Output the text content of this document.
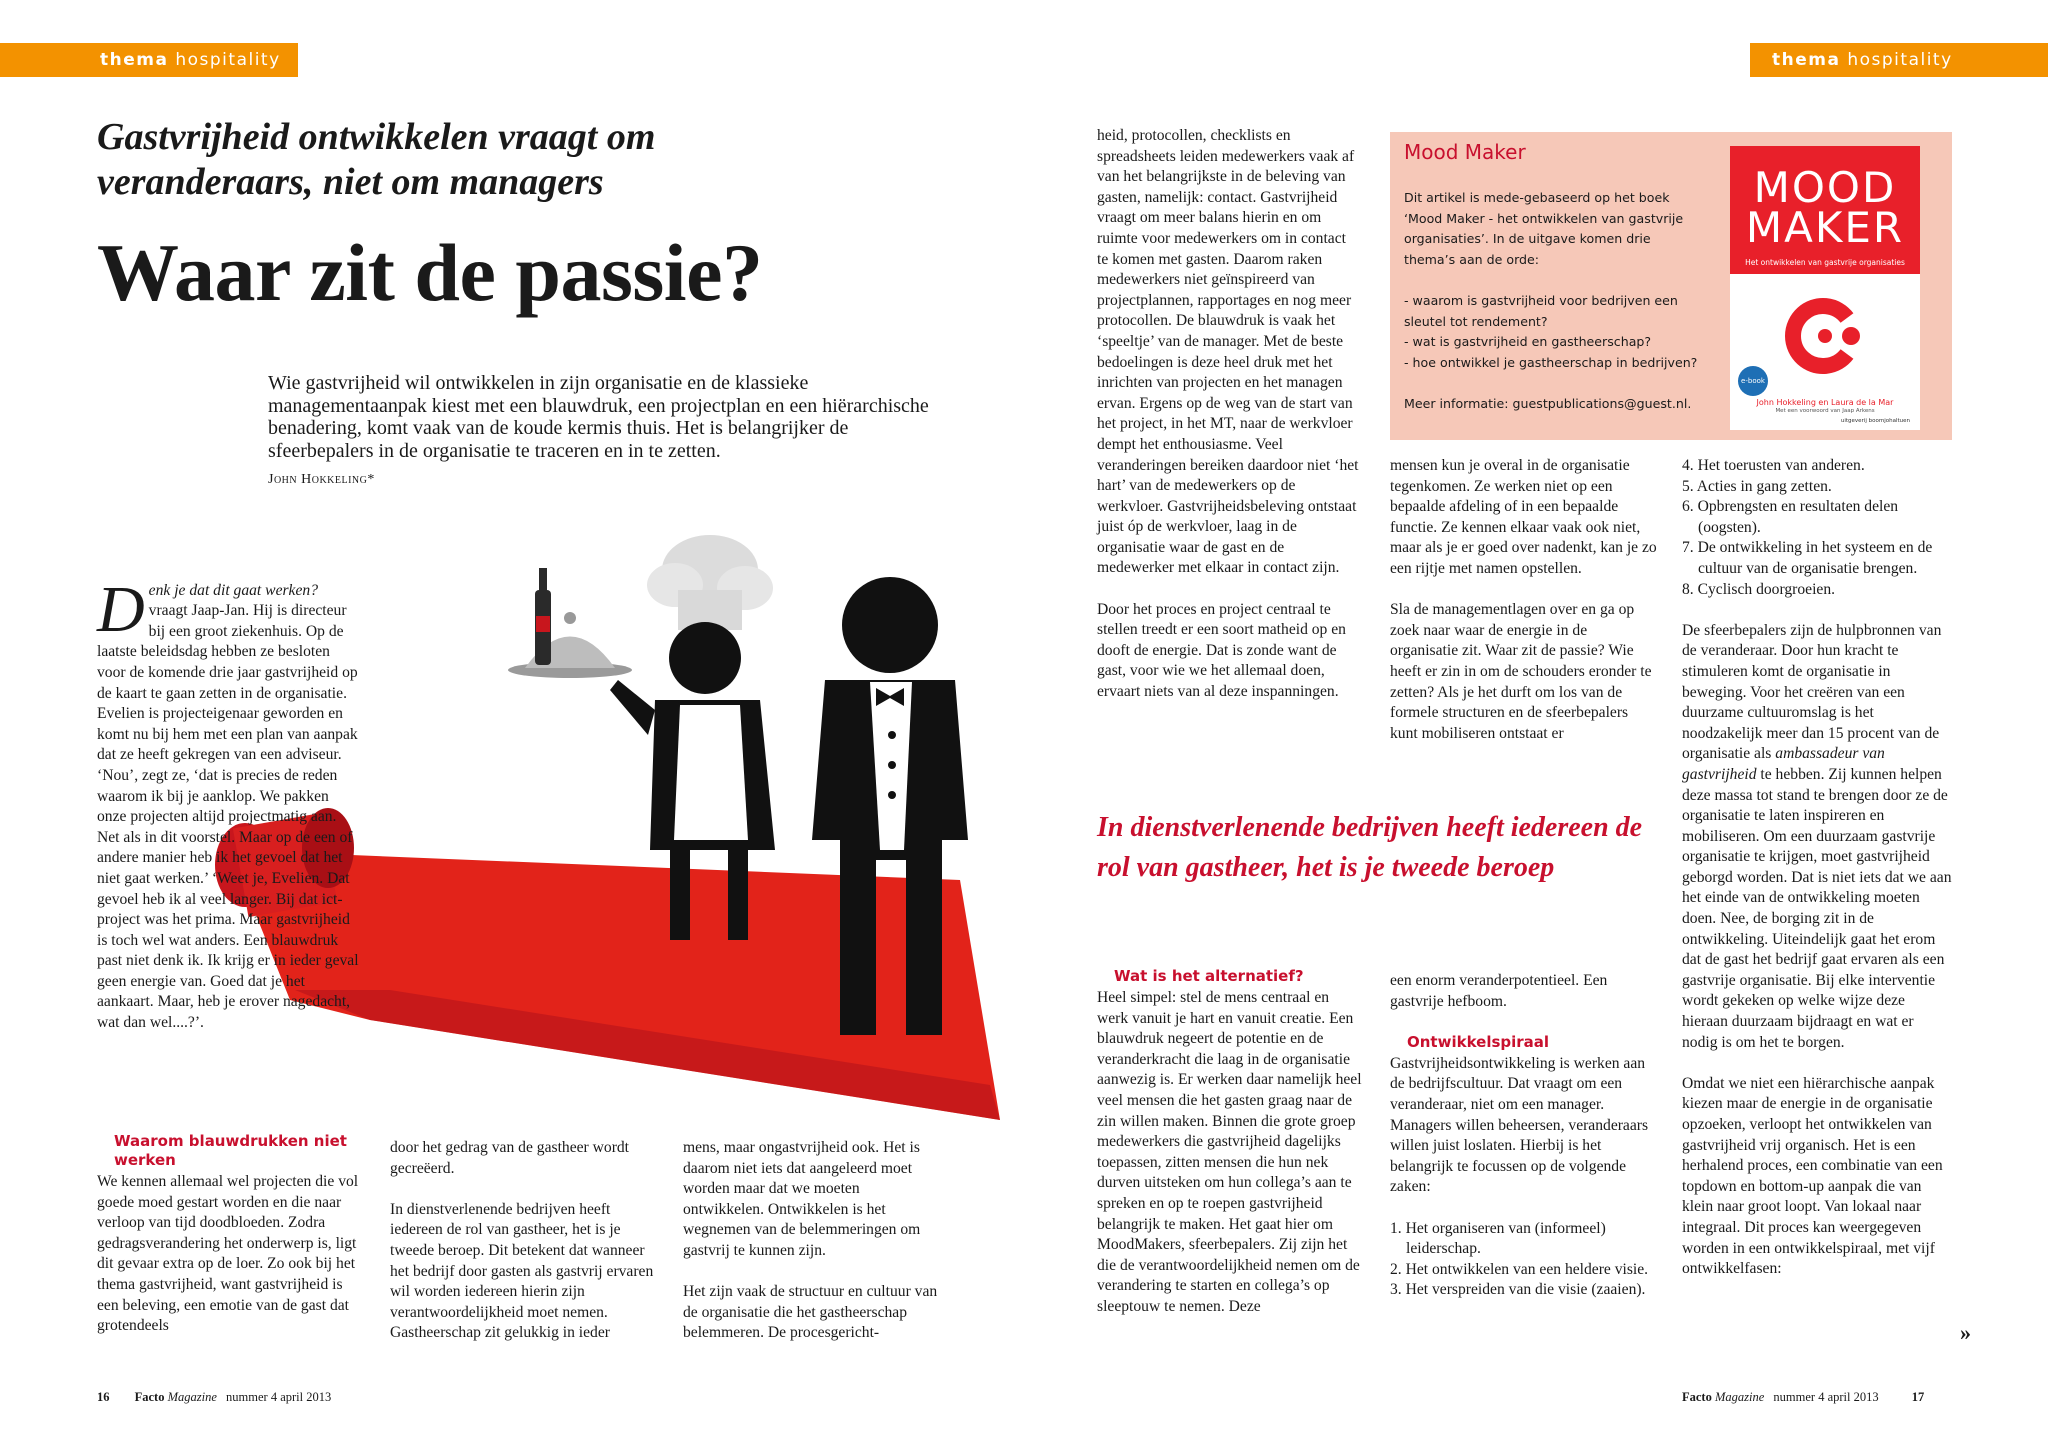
thema hospitality	thema hospitality
Gastvrijheid ontwikkelen vraagt om veranderaars, niet om managers
Waar zit de passie?
Wie gastvrijheid wil ontwikkelen in zijn organisatie en de klassieke managementaanpak kiest met een blauwdruk, een projectplan en een hiërarchische benadering, komt vaak van de koude kermis thuis. Het is belangrijker de sfeerbepalers in de organisatie te traceren en in te zetten.
John Hokkeling*

Denk je dat dit gaat werken?
vraagt Jaap-Jan. Hij is directeur bij een groot ziekenhuis. Op de laatste beleidsdag hebben ze besloten voor de komende drie jaar gastvrijheid op de kaart te gaan zetten in de organisatie. Evelien is projecteigenaar geworden en komt nu bij hem met een plan van aanpak dat ze heeft gekregen van een adviseur. ‘Nou’, zegt ze, ‘dat is precies de reden waarom ik bij je aanklop. We pakken onze projecten altijd projectmatig aan. Net als in dit voorstel. Maar op de een of andere manier heb ik het gevoel dat het niet gaat werken.’ ‘Weet je, Evelien. Dat gevoel heb ik al veel langer. Bij dat ict-project was het prima. Maar gastvrijheid is toch wel wat anders. Een blauwdruk past niet denk ik. Ik krijg er in ieder geval geen energie van. Goed dat je het aankaart. Maar, heb je erover nagedacht, wat dan wel....?’.

Waarom blauwdrukken niet werken

We kennen allemaal wel projecten die vol goede moed gestart worden en die naar verloop van tijd doodbloeden. Zodra gedragsverandering het onderwerp is, ligt dit gevaar extra op de loer. Zo ook bij het thema gastvrijheid, want gastvrijheid is een beleving, een emotie van de gast dat grotendeels

door het gedrag van de gastheer wordt gecreëerd.

In dienstverlenende bedrijven heeft iedereen de rol van gastheer, het is je tweede beroep. Dit betekent dat wanneer het bedrijf door gasten als gastvrij ervaren wil worden iedereen hierin zijn verantwoordelijkheid moet nemen. Gastheerschap zit gelukkig in ieder

mens, maar ongastvrijheid ook. Het is daarom niet iets dat aangeleerd moet worden maar dat we moeten ontwikkelen. Ontwikkelen is het wegnemen van de belemmeringen om gastvrij te kunnen zijn.

Het zijn vaak de structuur en cultuur van de organisatie die het gastheerschap belemmeren. De procesgericht-

heid, protocollen, checklists en spreadsheets leiden medewerkers vaak af van het belangrijkste in de beleving van gasten, namelijk: contact. Gastvrijheid vraagt om meer balans hierin en om ruimte voor medewerkers om in contact te komen met gasten. Daarom raken medewerkers niet geïnspireerd van projectplannen, rapportages en nog meer protocollen. De blauwdruk is vaak het ‘speeltje’ van de manager. Met de beste bedoelingen is deze heel druk met het inrichten van projecten en het managen ervan. Ergens op de weg van de start van het project, in het MT, naar de werkvloer dempt het enthousiasme. Veel veranderingen bereiken daardoor niet ‘het hart’ van de medewerkers op de werkvloer. Gastvrijheidsbeleving ontstaat juist óp de werkvloer, laag in de organisatie waar de gast en de medewerker met elkaar in contact zijn.

Door het proces en project centraal te stellen treedt er een soort matheid op en dooft de energie. Dat is zonde want de gast, voor wie we het allemaal doen, ervaart niets van al deze inspanningen.

Mood Maker
Dit artikel is mede-gebaseerd op het boek ‘Mood Maker - het ontwikkelen van gastvrije organisaties’. In de uitgave komen drie thema’s aan de orde:

- waarom is gastvrijheid voor bedrijven een sleutel tot rendement?
- wat is gastvrijheid en gastheerschap?
- hoe ontwikkel je gastheerschap in bedrijven?

Meer informatie: guestpublications@guest.nl.
MOOD
MAKER
Het ontwikkelen van gastvrije organisaties
e-book
John Hokkeling en Laura de la Mar
Met een voorwoord van Jaap Arkens
uitgeverij boomjohaltuen

mensen kun je overal in de organisatie tegenkomen. Ze werken niet op een bepaalde afdeling of in een bepaalde functie. Ze kennen elkaar vaak ook niet, maar als je er goed over nadenkt, kan je zo een rijtje met namen opstellen.

Sla de managementlagen over en ga op zoek naar waar de energie in de organisatie zit. Waar zit de passie? Wie heeft er zin in om de schouders eronder te zetten? Als je het durft om los van de formele structuren en de sfeerbepalers kunt mobiliseren ontstaat er

In dienstverlenende bedrijven heeft iedereen de rol van gastheer, het is je tweede beroep
Wat is het alternatief?

Heel simpel: stel de mens centraal en werk vanuit je hart en vanuit creatie. Een blauwdruk negeert de potentie en de veranderkracht die laag in de organisatie aanwezig is. Er werken daar namelijk heel veel mensen die het gasten graag naar de zin willen maken. Binnen die grote groep medewerkers die gastvrijheid dagelijks toepassen, zitten mensen die hun nek durven uitsteken om hun collega’s aan te spreken en op te roepen gastvrijheid belangrijk te maken. Het gaat hier om MoodMakers, sfeerbepalers. Zij zijn het die de verantwoordelijkheid nemen om de verandering te starten en collega’s op sleeptouw te nemen. Deze

een enorm veranderpotentieel. Een gastvrije hefboom.

Ontwikkelspiraal

Gastvrijheidsontwikkeling is werken aan de bedrijfscultuur. Dat vraagt om een veranderaar, niet om een manager. Managers willen beheersen, veranderaars willen juist loslaten. Hierbij is het belangrijk te focussen op de volgende zaken:

1. Het organiseren van (informeel) leiderschap.
2. Het ontwikkelen van een heldere visie.
3. Het verspreiden van die visie (zaaien).
4. Het toerusten van anderen.
5. Acties in gang zetten.
6. Opbrengsten en resultaten delen (oogsten).
7. De ontwikkeling in het systeem en de cultuur van de organisatie brengen.
8. Cyclisch doorgroeien.

De sfeerbepalers zijn de hulpbronnen van de veranderaar. Door hun kracht te stimuleren komt de organisatie in beweging. Voor het creëren van een duurzame cultuuromslag is het noodzakelijk meer dan 15 procent van de organisatie als ambassadeur van gastvrijheid te hebben. Zij kunnen helpen deze massa tot stand te brengen door ze de organisatie te laten inspireren en mobiliseren. Om een duurzaam gastvrije organisatie te krijgen, moet gastvrijheid geborgd worden. Dat is niet iets dat we aan het einde van de ontwikkeling moeten doen. Nee, de borging zit in de ontwikkeling. Uiteindelijk gaat het erom dat de gast het bedrijf gaat ervaren als een gastvrije organisatie. Bij elke interventie wordt gekeken op welke wijze deze hieraan duurzaam bijdraagt en wat er nodig is om het te borgen.

Omdat we niet een hiërarchische aanpak kiezen maar de energie in de organisatie opzoeken, verloopt het ontwikkelen van gastvrijheid vrij organisch. Het is een herhalend proces, een combinatie van een topdown en bottom-up aanpak die van klein naar groot loopt. Van lokaal naar integraal. Dit proces kan weergegeven worden in een ontwikkelspiraal, met vijf ontwikkelfasen:

»
16 Facto Magazine nummer 4 april 2013	Facto Magazine nummer 4 april 2013	17
